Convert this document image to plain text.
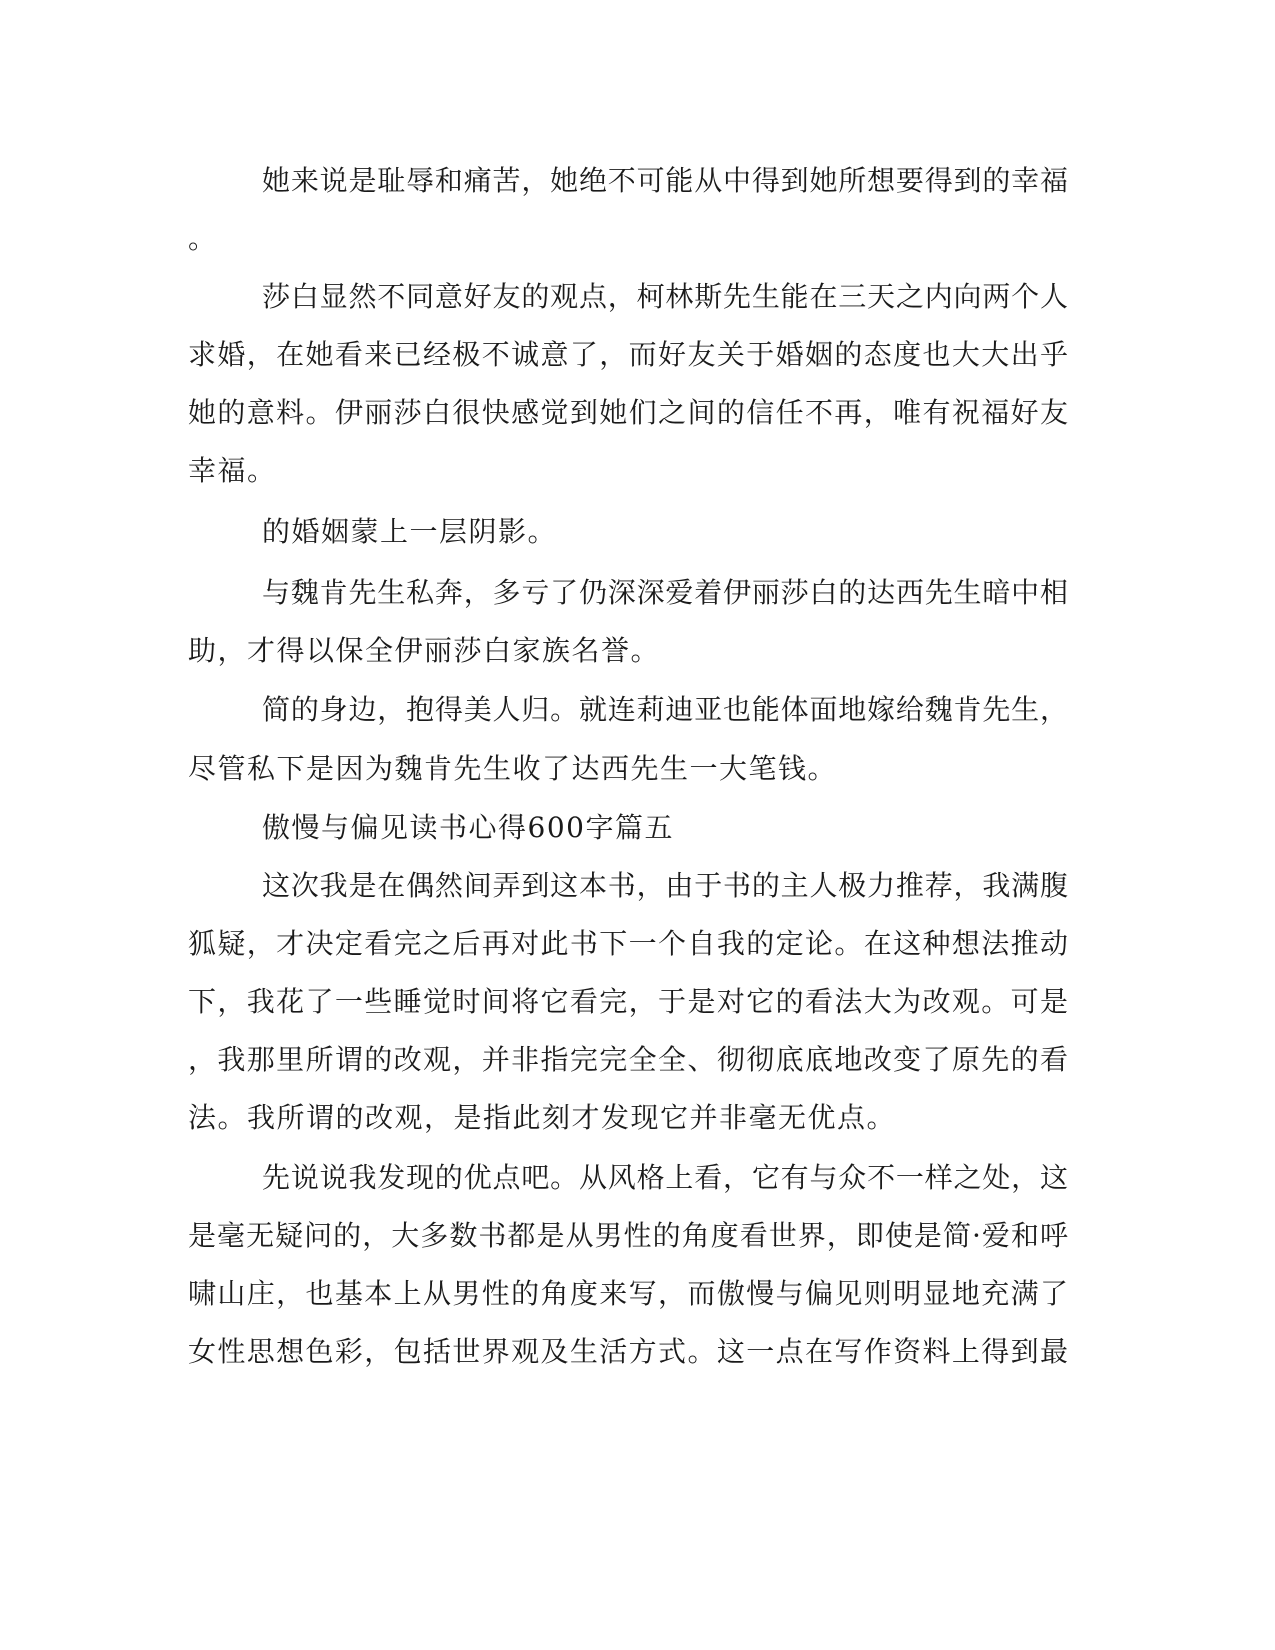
她来说是耻辱和痛苦，她绝不可能从中得到她所想要得到的幸福

。

莎白显然不同意好友的观点，柯林斯先生能在三天之内向两个人

求婚，在她看来已经极不诚意了，而好友关于婚姻的态度也大大出乎

她的意料。伊丽莎白很快感觉到她们之间的信任不再，唯有祝福好友

幸福。

的婚姻蒙上一层阴影。

与魏肯先生私奔，多亏了仍深深爱着伊丽莎白的达西先生暗中相

助，才得以保全伊丽莎白家族名誉。

简的身边，抱得美人归。就连莉迪亚也能体面地嫁给魏肯先生，

尽管私下是因为魏肯先生收了达西先生一大笔钱。

傲慢与偏见读书心得600字篇五

这次我是在偶然间弄到这本书，由于书的主人极力推荐，我满腹

狐疑，才决定看完之后再对此书下一个自我的定论。在这种想法推动

下，我花了一些睡觉时间将它看完，于是对它的看法大为改观。可是

，我那里所谓的改观，并非指完完全全、彻彻底底地改变了原先的看

法。我所谓的改观，是指此刻才发现它并非毫无优点。

先说说我发现的优点吧。从风格上看，它有与众不一样之处，这

是毫无疑问的，大多数书都是从男性的角度看世界，即使是简·爱和呼

啸山庄，也基本上从男性的角度来写，而傲慢与偏见则明显地充满了

女性思想色彩，包括世界观及生活方式。这一点在写作资料上得到最
